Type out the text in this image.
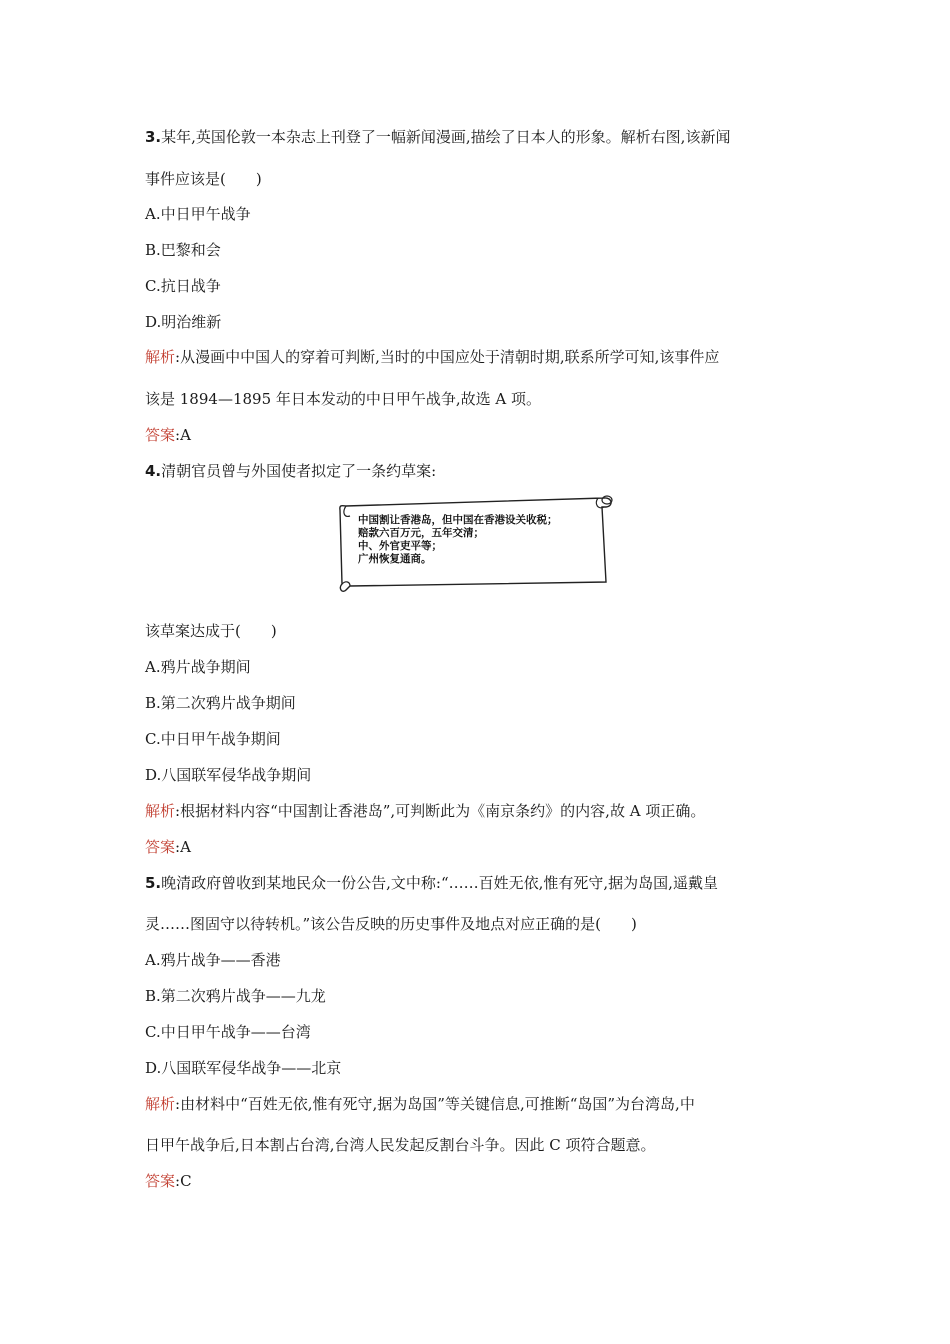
3.某年,英国伦敦一本杂志上刊登了一幅新闻漫画,描绘了日本人的形象。解析右图,该新闻
事件应该是(　　)
A.中日甲午战争
B.巴黎和会
C.抗日战争
D.明治维新
解析:从漫画中中国人的穿着可判断,当时的中国应处于清朝时期,联系所学可知,该事件应
该是 1894—1895 年日本发动的中日甲午战争,故选 A 项。
答案:A
4.清朝官员曾与外国使者拟定了一条约草案:
中国割让香港岛，但中国在香港设关收税；
赔款六百万元，五年交清；
中、外官吏平等；
广州恢复通商。
该草案达成于(　　)
A.鸦片战争期间
B.第二次鸦片战争期间
C.中日甲午战争期间
D.八国联军侵华战争期间
解析:根据材料内容“中国割让香港岛”,可判断此为《南京条约》的内容,故 A 项正确。
答案:A
5.晚清政府曾收到某地民众一份公告,文中称:“……百姓无依,惟有死守,据为岛国,遥戴皇
灵……图固守以待转机。”该公告反映的历史事件及地点对应正确的是(　　)
A.鸦片战争——香港
B.第二次鸦片战争——九龙
C.中日甲午战争——台湾
D.八国联军侵华战争——北京
解析:由材料中“百姓无依,惟有死守,据为岛国”等关键信息,可推断“岛国”为台湾岛,中
日甲午战争后,日本割占台湾,台湾人民发起反割台斗争。因此 C 项符合题意。
答案:C
